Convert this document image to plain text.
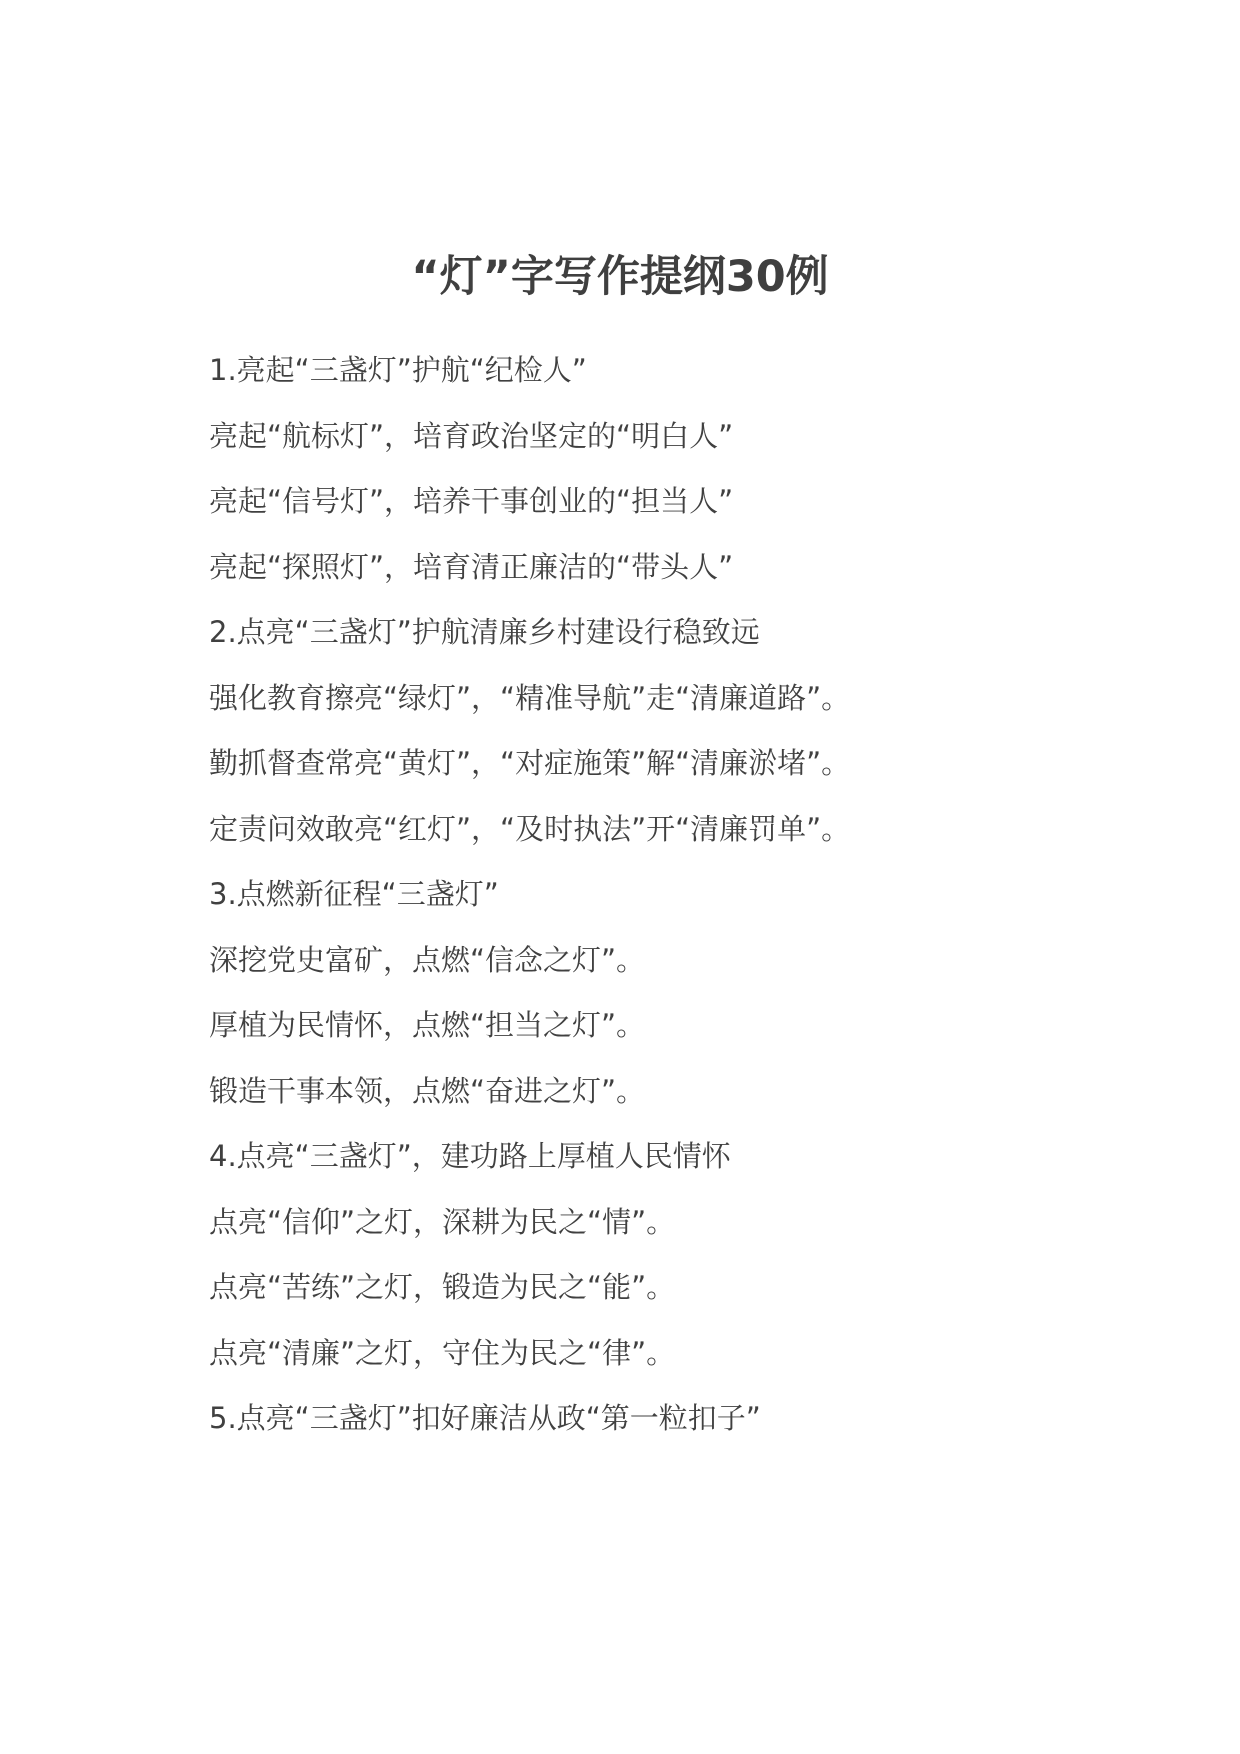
“灯”字写作提纲30例
1.亮起“三盏灯”护航“纪检人”
亮起“航标灯”，培育政治坚定的“明白人”
亮起“信号灯”，培养干事创业的“担当人”
亮起“探照灯”，培育清正廉洁的“带头人”
2.点亮“三盏灯”护航清廉乡村建设行稳致远
强化教育擦亮“绿灯”，“精准导航”走“清廉道路”。
勤抓督查常亮“黄灯”，“对症施策”解“清廉淤堵”。
定责问效敢亮“红灯”，“及时执法”开“清廉罚单”。
3.点燃新征程“三盏灯”
深挖党史富矿，点燃“信念之灯”。
厚植为民情怀，点燃“担当之灯”。
锻造干事本领，点燃“奋进之灯”。
4.点亮“三盏灯”，建功路上厚植人民情怀
点亮“信仰”之灯，深耕为民之“情”。
点亮“苦练”之灯，锻造为民之“能”。
点亮“清廉”之灯，守住为民之“律”。
5.点亮“三盏灯”扣好廉洁从政“第一粒扣子”
